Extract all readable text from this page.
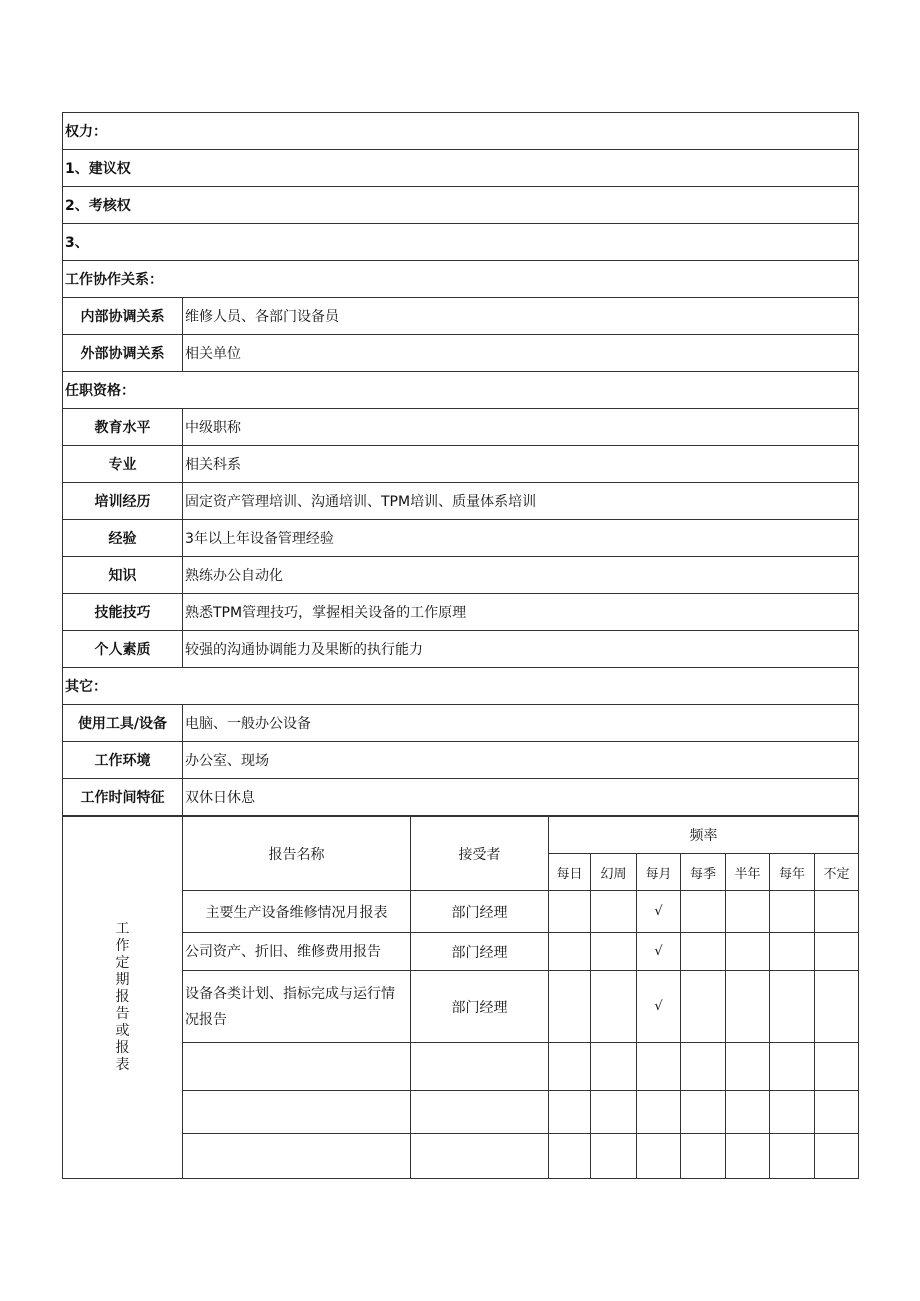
权力：	
1、建议权	
2、考核权	
3、	
工作协作关系：	
内部协调关系	维修人员、各部门设备员
外部协调关系	相关单位
任职资格：	
教育水平	中级职称
专业	相关科系
培训经历	固定资产管理培训、沟通培训、TPM培训、质量体系培训
经验	3年以上年设备管理经验
知识	熟练办公自动化
技能技巧	熟悉TPM管理技巧，掌握相关设备的工作原理
个人素质	较强的沟通协调能力及果断的执行能力
其它：	
使用工具/设备	电脑、一般办公设备
工作环境	办公室、现场
工作时间特征	双休日休息
工作定期报告或报表	报告名称	接受者	频率						
			每日	幻周	每月	每季	半年	每年	不定
	主要生产设备维修情况月报表	部门经理			√				
	公司资产、折旧、维修费用报告	部门经理			√				
	设备各类计划、指标完成与运行情况报告	部门经理			√				
